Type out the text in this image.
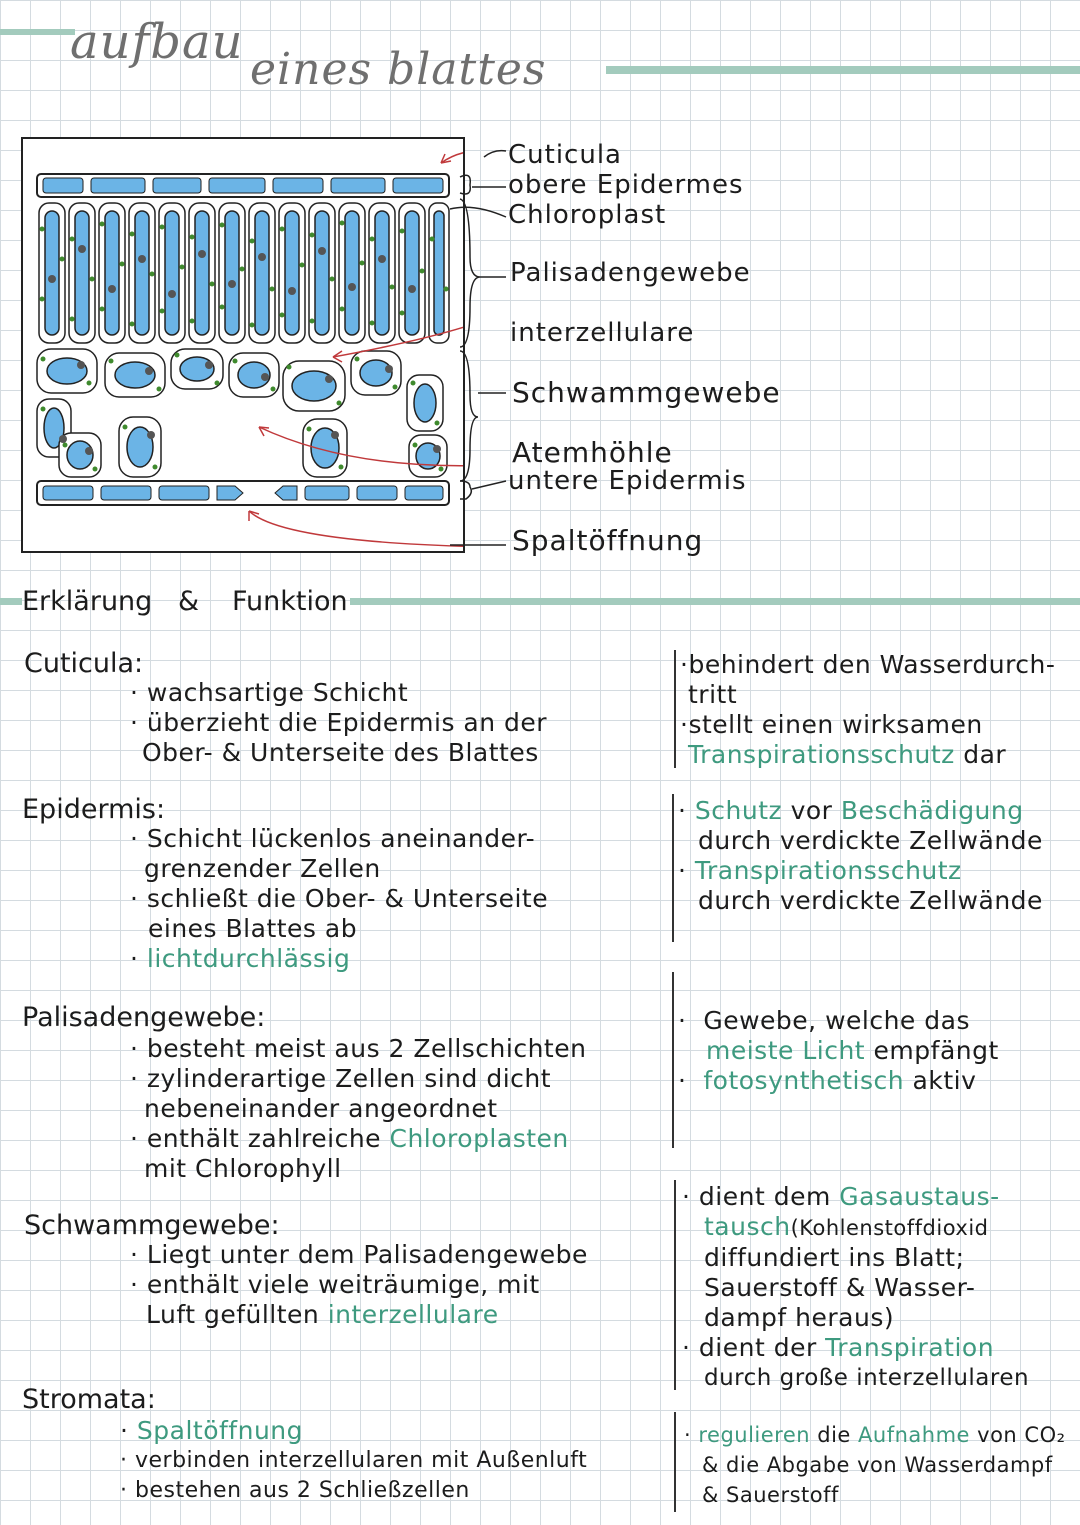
aufbau eines blattes
Cuticula
obere Epidermes
Chloroplast
Palisadengewebe
interzellulare
Schwammgewebe
Atemhöhle
untere Epidermis
Spaltöffnung
Erklärung & Funktion
Cuticula:
· wachsartige Schicht
· überzieht die Epidermis an der
Ober- & Unterseite des Blattes
·behindert den Wasserdurch-
tritt
·stellt einen wirksamen
Transpirationsschutz dar
Epidermis:
· Schicht lückenlos aneinander-
grenzender Zellen
· schließt die Ober- & Unterseite
eines Blattes ab
· lichtdurchlässig
· Schutz vor Beschädigung
durch verdickte Zellwände
· Transpirationsschutz
durch verdickte Zellwände
Palisadengewebe:
· besteht meist aus 2 Zellschichten
· zylinderartige Zellen sind dicht
nebeneinander angeordnet
· enthält zahlreiche Chloroplasten
mit Chlorophyll
·  Gewebe, welche das
meiste Licht empfängt
·  fotosynthetisch aktiv
Schwammgewebe:
· Liegt unter dem Palisadengewebe
· enthält viele weiträumige, mit
Luft gefüllten interzellulare
· dient dem Gasaustaus-
tausch(Kohlenstoffdioxid
diffundiert ins Blatt;
Sauerstoff & Wasser-
dampf heraus)
· dient der Transpiration
durch große interzellularen
Stromata:
· Spaltöffnung
· verbinden interzellularen mit Außenluft
· bestehen aus 2 Schließzellen
· regulieren die Aufnahme von CO₂
& die Abgabe von Wasserdampf
& Sauerstoff
